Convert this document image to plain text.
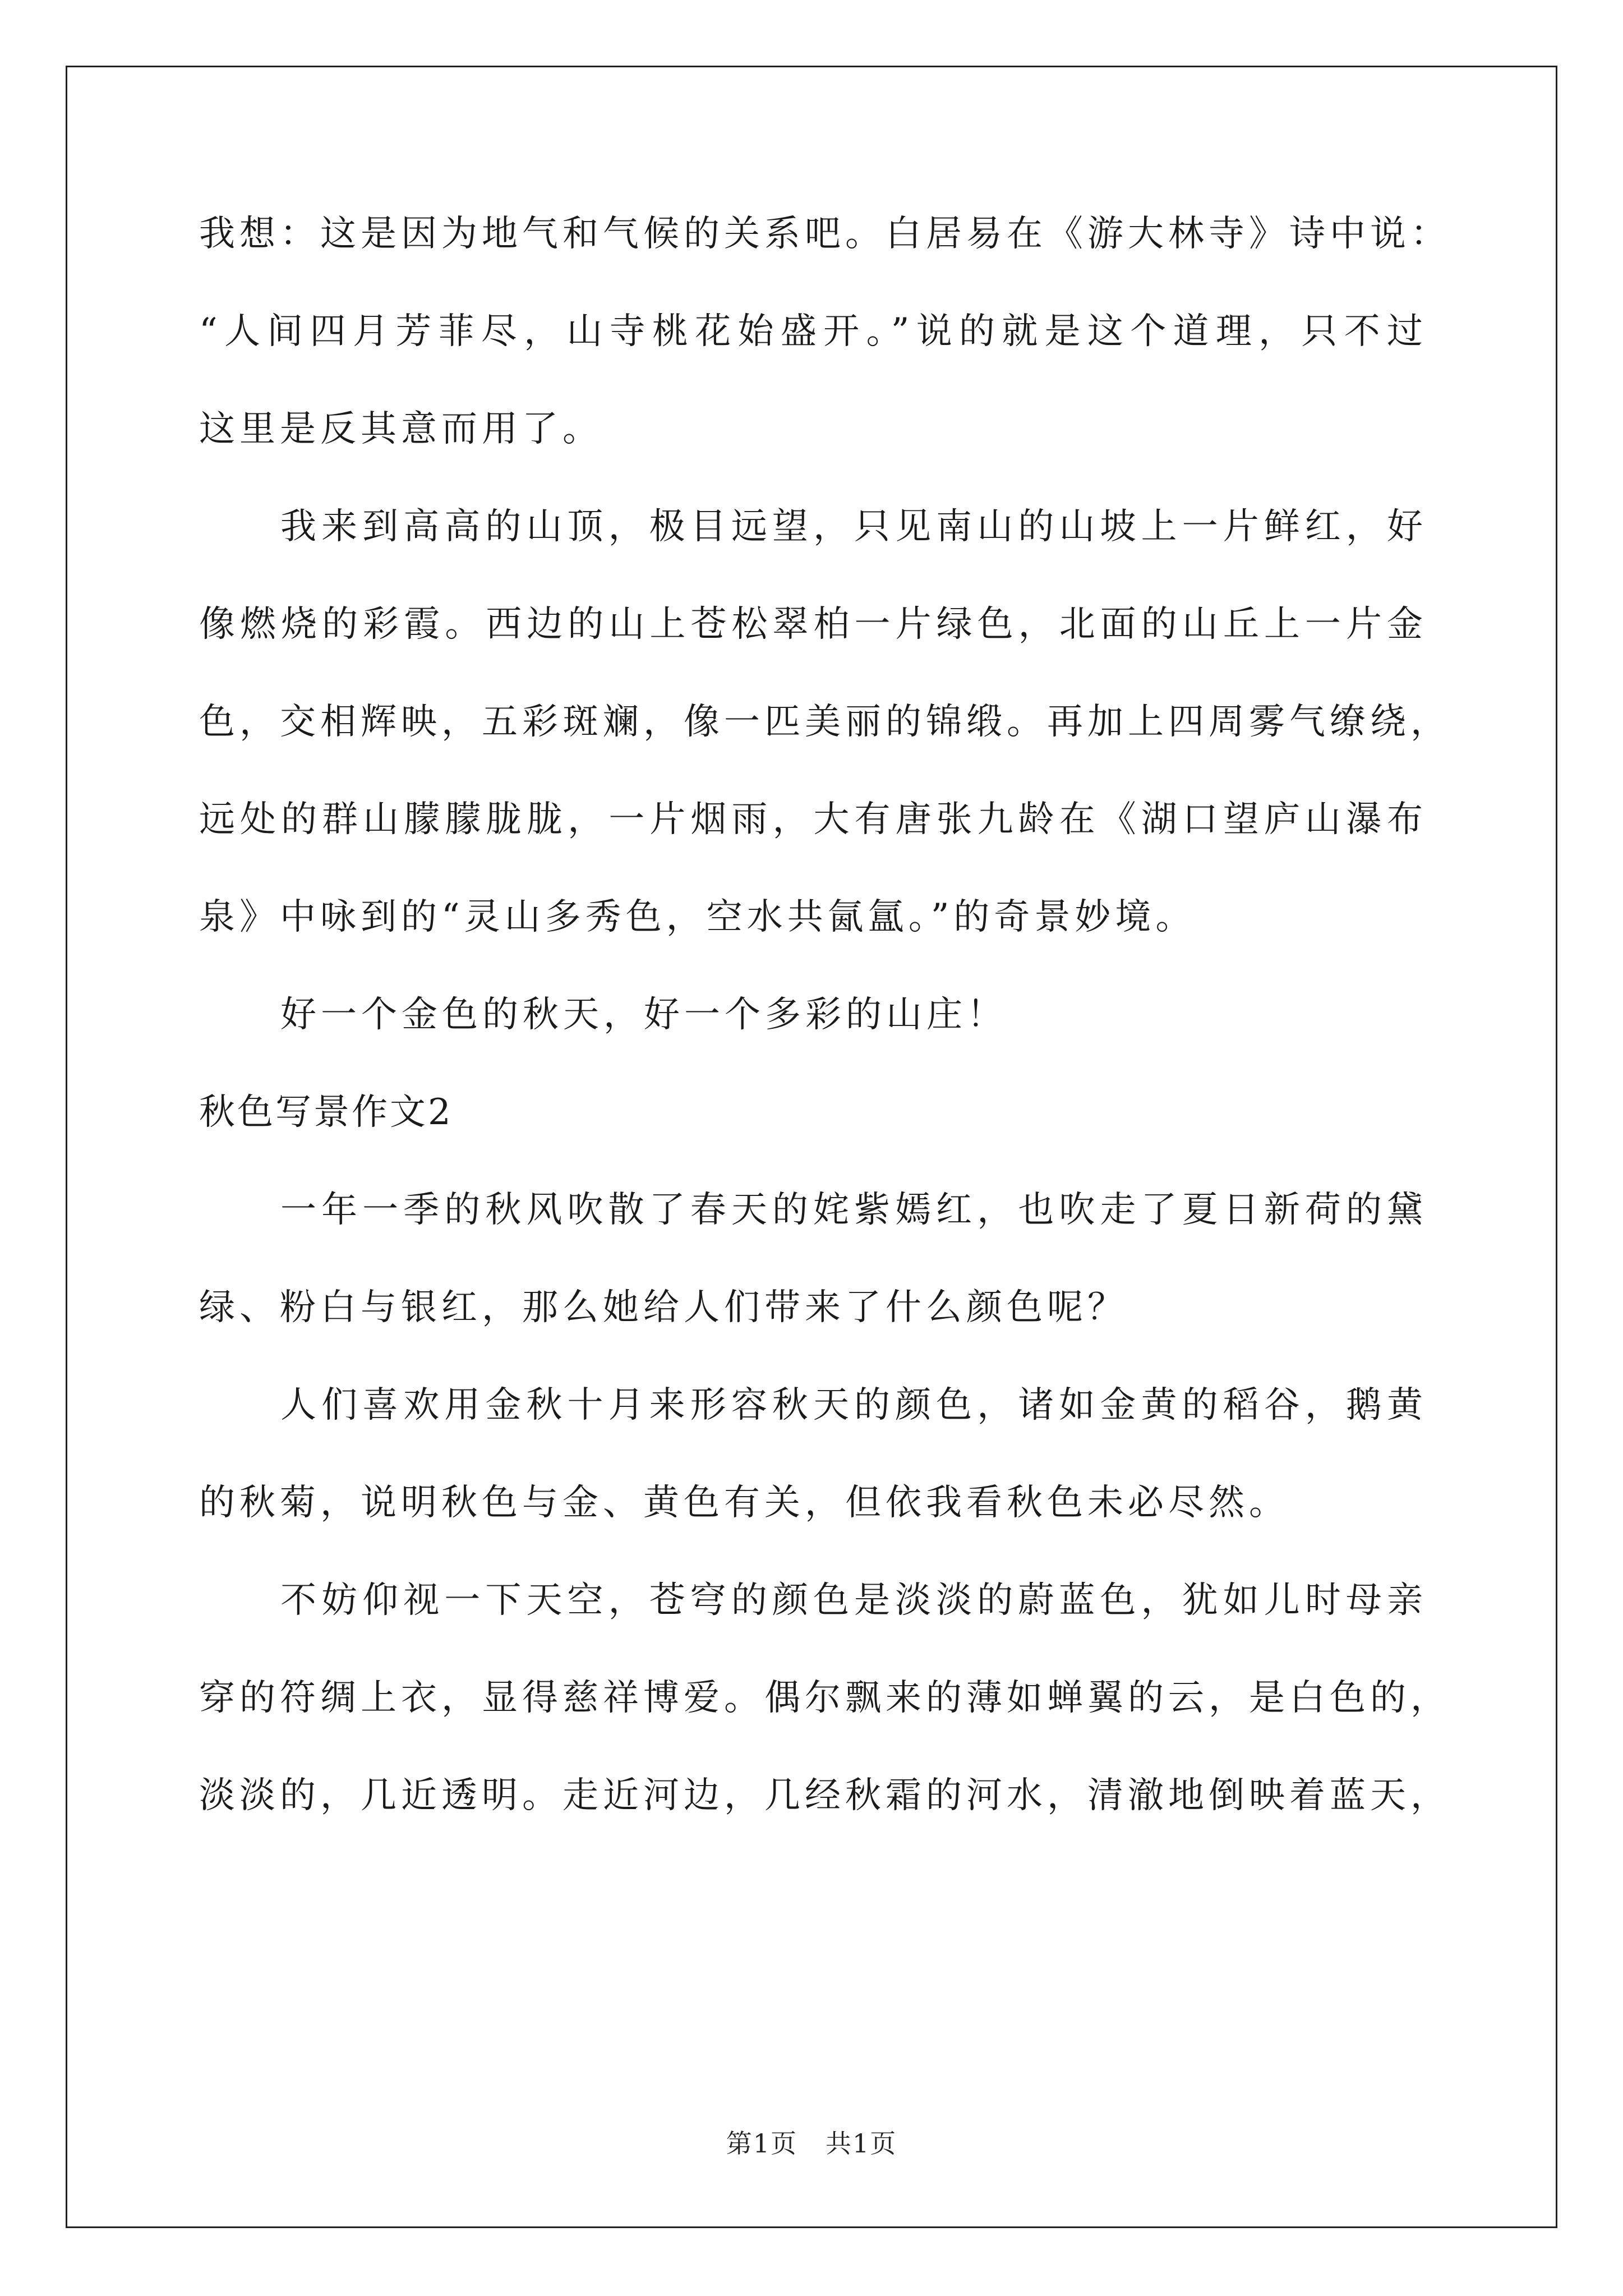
我想：这是因为地气和气候的关系吧。白居易在《游大林寺》诗中说：
“人间四月芳菲尽，山寺桃花始盛开。”说的就是这个道理，只不过
这里是反其意而用了。
我来到高高的山顶，极目远望，只见南山的山坡上一片鲜红，好
像燃烧的彩霞。西边的山上苍松翠柏一片绿色，北面的山丘上一片金
色，交相辉映，五彩斑斓，像一匹美丽的锦缎。再加上四周雾气缭绕，
远处的群山朦朦胧胧，一片烟雨，大有唐张九龄在《湖口望庐山瀑布
泉》中咏到的“灵山多秀色，空水共氤氲。”的奇景妙境。
好一个金色的秋天，好一个多彩的山庄！
秋色写景作文2
一年一季的秋风吹散了春天的姹紫嫣红，也吹走了夏日新荷的黛
绿、粉白与银红，那么她给人们带来了什么颜色呢？
人们喜欢用金秋十月来形容秋天的颜色，诸如金黄的稻谷，鹅黄
的秋菊，说明秋色与金、黄色有关，但依我看秋色未必尽然。
不妨仰视一下天空，苍穹的颜色是淡淡的蔚蓝色，犹如儿时母亲
穿的符绸上衣，显得慈祥博爱。偶尔飘来的薄如蝉翼的云，是白色的，
淡淡的，几近透明。走近河边，几经秋霜的河水，清澈地倒映着蓝天，
第1页 共1页
